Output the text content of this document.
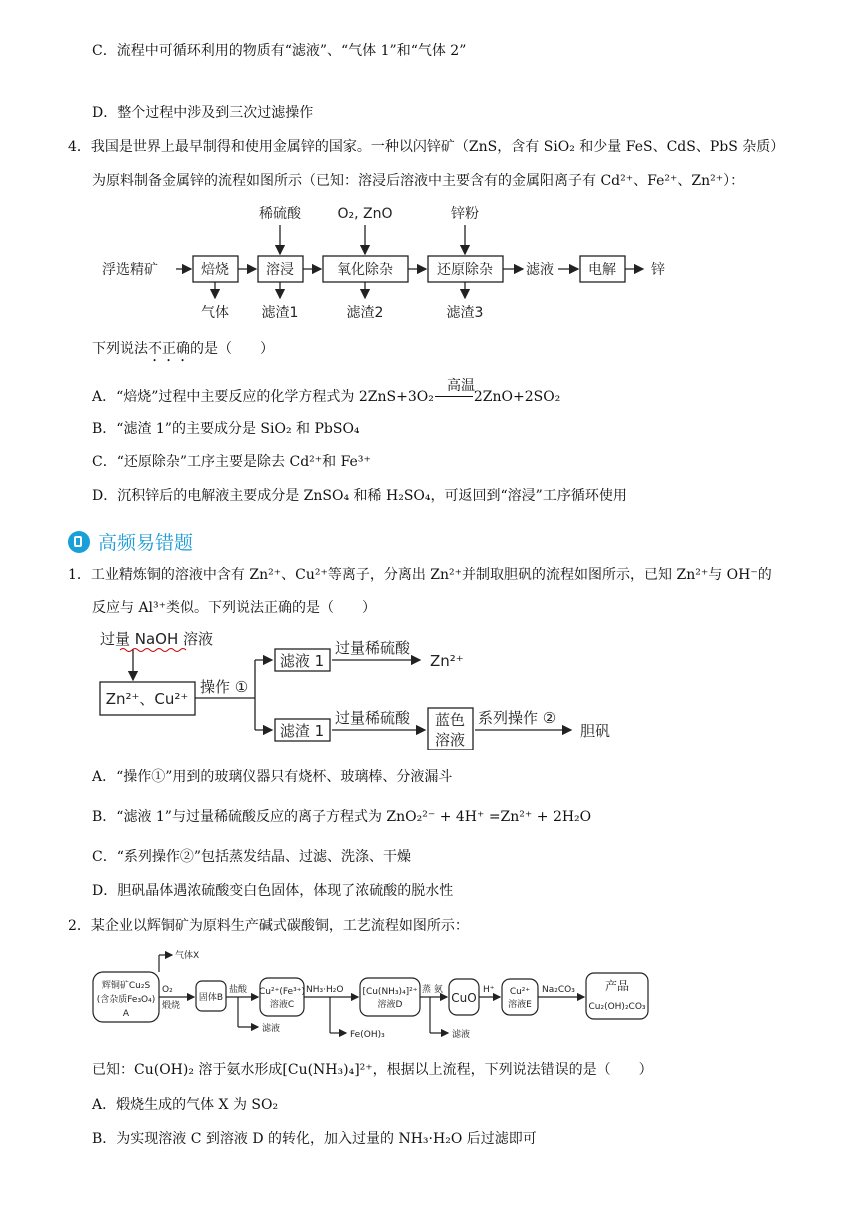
C．流程中可循环利用的物质有“滤液”、“气体 1”和“气体 2”
D．整个过程中涉及到三次过滤操作
4．我国是世界上最早制得和使用金属锌的国家。一种以闪锌矿（ZnS，含有 SiO₂ 和少量 FeS、CdS、PbS 杂质）
为原料制备金属锌的流程如图所示（已知：溶浸后溶液中主要含有的金属阳离子有 Cd²⁺、Fe²⁺、Zn²⁺）：
浮选精矿	焙烧	溶浸	氧化除杂	还原除杂	电解
滤液	锌
稀硫酸	O₂, ZnO	锌粉
气体 滤渣1	滤渣2	滤渣3
下列说法不正确的是（　　）
A．“焙烧”过程中主要反应的化学方程式为 2ZnS+3O₂	2ZnO+2SO₂
高温
B．“滤渣 1”的主要成分是 SiO₂ 和 PbSO₄
C．“还原除杂”工序主要是除去 Cd²⁺和 Fe³⁺
D．沉积锌后的电解液主要成分是 ZnSO₄ 和稀 H₂SO₄，可返回到“溶浸”工序循环使用
高频易错题
1．工业精炼铜的溶液中含有 Zn²⁺、Cu²⁺等离子，分离出 Zn²⁺并制取胆矾的流程如图所示，已知 Zn²⁺与 OH⁻的
反应与 Al³⁺类似。下列说法正确的是（　　）
过量 NaOH 溶液
Zn²⁺、Cu²⁺
操作 ①
滤液 1
过量稀硫酸
Zn²⁺
滤渣 1
过量稀硫酸 蓝色
溶液
系列操作 ②
胆矾
A．“操作①”用到的玻璃仪器只有烧杯、玻璃棒、分液漏斗
B．“滤液 1”与过量稀硫酸反应的离子方程式为 ZnO₂²⁻ + 4H⁺ =Zn²⁺ + 2H₂O
C．“系列操作②”包括蒸发结晶、过滤、洗涤、干燥
D．胆矾晶体遇浓硫酸变白色固体，体现了浓硫酸的脱水性
2．某企业以辉铜矿为原料生产碱式碳酸铜，工艺流程如图所示：
辉铜矿Cu₂S
(含杂质Fe₃O₄)
A
气体X
O₂
煅烧
固体B
盐酸 Cu²⁺(Fe³⁺)
溶液C
NH₃·H₂O [Cu(NH₃)₄]²⁺
溶液D
蒸 氨	Cu²⁺
溶液E
H⁺	Na₂CO₃
Cu₂(OH)₂CO₃
滤液
Fe(OH)₃	滤液
CuO
产品
已知：Cu(OH)₂ 溶于氨水形成[Cu(NH₃)₄]²⁺，根据以上流程，下列说法错误的是（　　）
A．煅烧生成的气体 X 为 SO₂
B．为实现溶液 C 到溶液 D 的转化，加入过量的 NH₃·H₂O 后过滤即可
